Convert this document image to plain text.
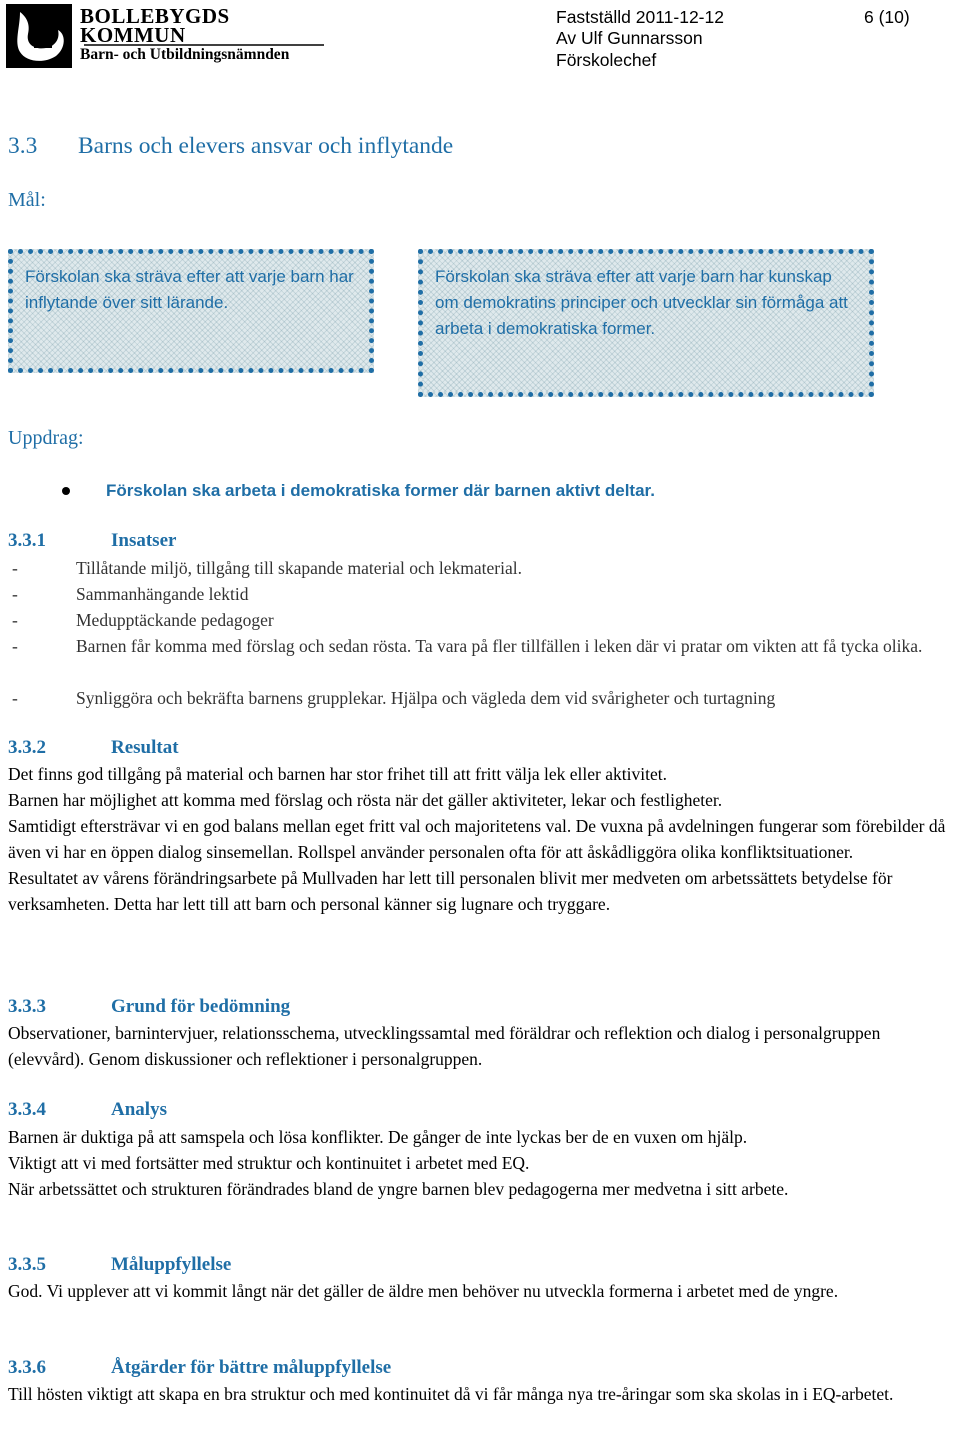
BOLLEBYGDS
KOMMUN
Barn- och Utbildningsnämnden
Fastställd 2011-12-12	6 (10)
Av Ulf Gunnarsson
Förskolechef
3.3 Barns och elevers ansvar och inflytande
Mål:

Förskolan ska sträva efter att varje barn har inflytande över sitt lärande.

Förskolan ska sträva efter att varje barn har kunskap om demokratins principer och utvecklar sin förmåga att arbeta i demokratiska former.

Uppdrag:
Förskolan ska arbeta i demokratiska former där barnen aktivt deltar.
3.3.1	Insatser
-	Tillåtande miljö, tillgång till skapande material och lekmaterial.
-	Sammanhängande lektid
-	Medupptäckande pedagoger
-	Barnen får komma med förslag och sedan rösta. Ta vara på fler tillfällen i leken där vi pratar om vikten att få tycka olika.
-	Synliggöra och bekräfta barnens grupplekar. Hjälpa och vägleda dem vid svårigheter och turtagning
3.3.2	Resultat

Det finns god tillgång på material och barnen har stor frihet till att fritt välja lek eller aktivitet.
Barnen har möjlighet att komma med förslag och rösta när det gäller aktiviteter, lekar och festligheter.
Samtidigt eftersträvar vi en god balans mellan eget fritt val och majoritetens val. De vuxna på avdelningen fungerar som förebilder då även vi har en öppen dialog sinsemellan. Rollspel använder personalen ofta för att åskådliggöra olika konfliktsituationer.
Resultatet av vårens förändringsarbete på Mullvaden har lett till personalen blivit mer medveten om arbetssättets betydelse för verksamheten. Detta har lett till att barn och personal känner sig lugnare och tryggare.

3.3.3	Grund för bedömning

Observationer, barnintervjuer, relationsschema, utvecklingssamtal med föräldrar och reflektion och dialog i personalgruppen (elevvård). Genom diskussioner och reflektioner i personalgruppen.

3.3.4	Analys

Barnen är duktiga på att samspela och lösa konflikter. De gånger de inte lyckas ber de en vuxen om hjälp.
Viktigt att vi med fortsätter med struktur och kontinuitet i arbetet med EQ.
När arbetssättet och strukturen förändrades bland de yngre barnen blev pedagogerna mer medvetna i sitt arbete.

3.3.5	Måluppfyllelse

God. Vi upplever att vi kommit långt när det gäller de äldre men behöver nu utveckla formerna i arbetet med de yngre.

3.3.6	Åtgärder för bättre måluppfyllelse

Till hösten viktigt att skapa en bra struktur och med kontinuitet då vi får många nya tre-åringar som ska skolas in i EQ-arbetet.
